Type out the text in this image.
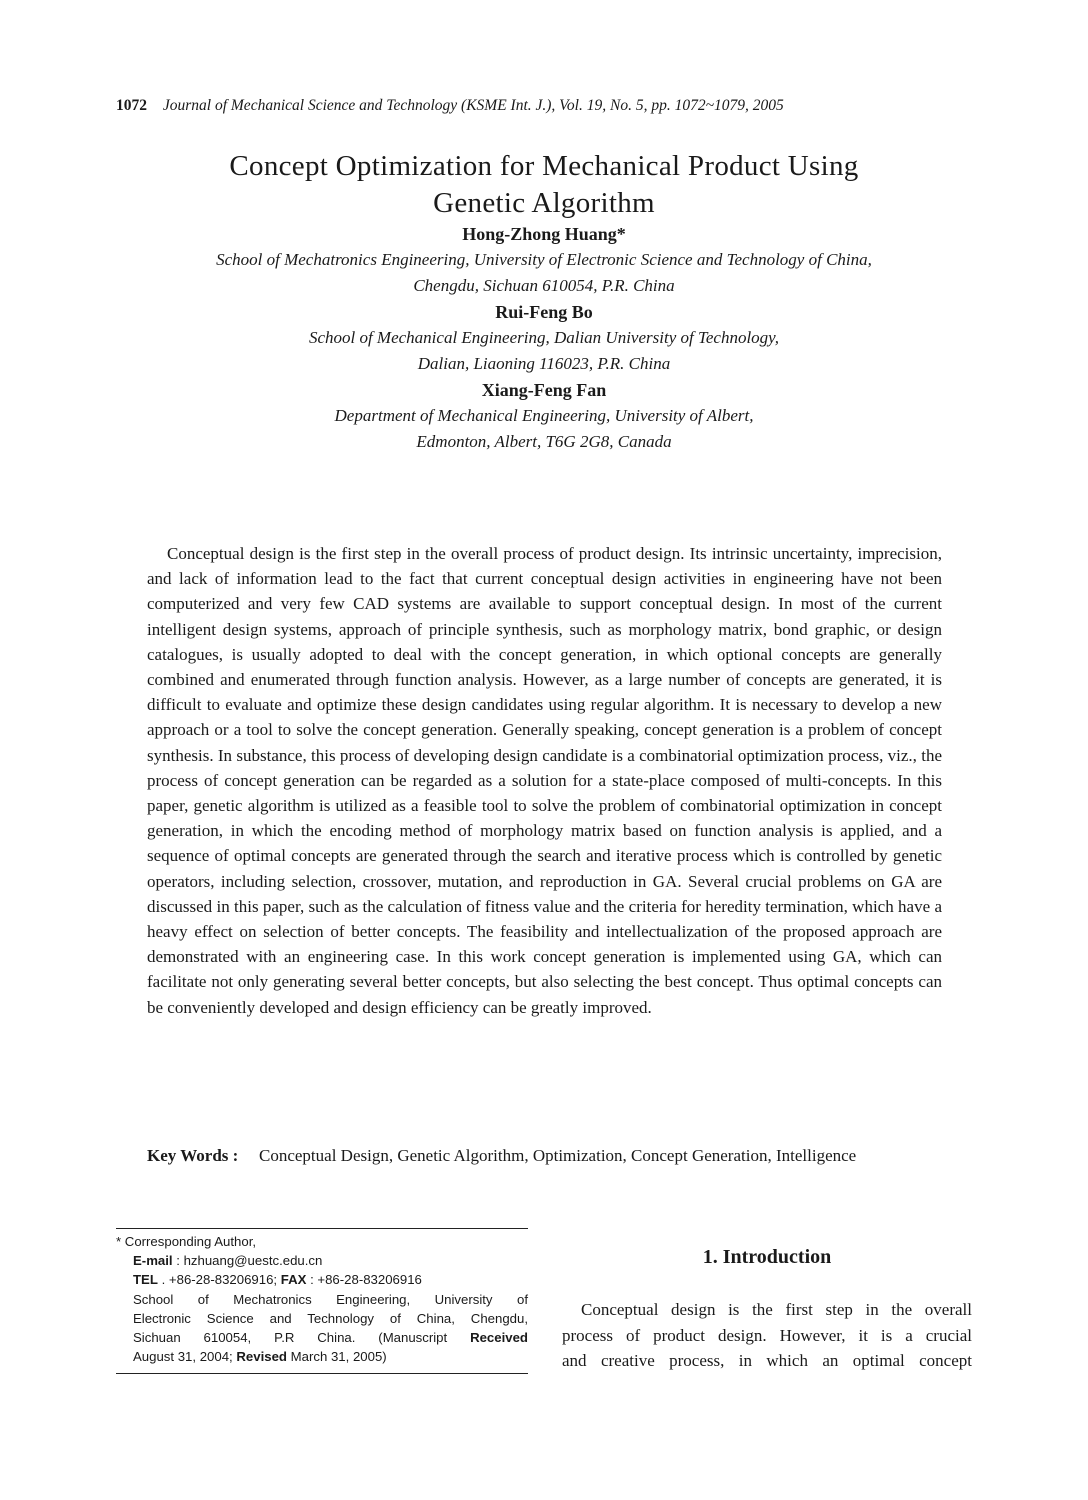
1072 Journal of Mechanical Science and Technology (KSME Int. J.), Vol. 19, No. 5, pp. 1072~1079, 2005
Concept Optimization for Mechanical Product Using
Genetic Algorithm
Hong-Zhong Huang*
School of Mechatronics Engineering, University of Electronic Science and Technology of China,
Chengdu, Sichuan 610054, P.R. China
Rui-Feng Bo
School of Mechanical Engineering, Dalian University of Technology,
Dalian, Liaoning 116023, P.R. China
Xiang-Feng Fan
Department of Mechanical Engineering, University of Albert,
Edmonton, Albert, T6G 2G8, Canada
Conceptual design is the first step in the overall process of product design. Its intrinsic uncertainty, imprecision, and lack of information lead to the fact that current conceptual design activities in engineering have not been computerized and very few CAD systems are available to support conceptual design. In most of the current intelligent design systems, approach of principle synthesis, such as morphology matrix, bond graphic, or design catalogues, is usually adopted to deal with the concept generation, in which optional concepts are generally combined and enumerated through function analysis. However, as a large number of concepts are generated, it is difficult to evaluate and optimize these design candidates using regular algorithm. It is necessary to develop a new approach or a tool to solve the concept generation. Generally speaking, concept generation is a problem of concept synthesis. In substance, this process of developing design candidate is a combinatorial optimization process, viz., the process of concept generation can be regarded as a solution for a state-place composed of multi-concepts. In this paper, genetic algorithm is utilized as a feasible tool to solve the problem of combinatorial optimization in concept generation, in which the encoding method of morphology matrix based on function analysis is applied, and a sequence of optimal concepts are generated through the search and iterative process which is controlled by genetic operators, including selection, crossover, mutation, and reproduction in GA. Several crucial problems on GA are discussed in this paper, such as the calculation of fitness value and the criteria for heredity termination, which have a heavy effect on selection of better concepts. The feasibility and intellectualization of the proposed approach are demonstrated with an engineering case. In this work concept generation is implemented using GA, which can facilitate not only generating several better concepts, but also selecting the best concept. Thus optimal concepts can be conveniently developed and design efficiency can be greatly improved.
Key Words : Conceptual Design, Genetic Algorithm, Optimization, Concept Generation, Intelligence
* Corresponding Author,
E-mail : hzhuang@uestc.edu.cn
TEL . +86-28-83206916; FAX : +86-28-83206916
School of Mechatronics Engineering, University of
Electronic Science and Technology of China, Chengdu,
Sichuan 610054, P.R China. (Manuscript Received
August 31, 2004; Revised March 31, 2005)
1. Introduction
Conceptual design is the first step in the overall
process of product design. However, it is a crucial
and creative process, in which an optimal concept
